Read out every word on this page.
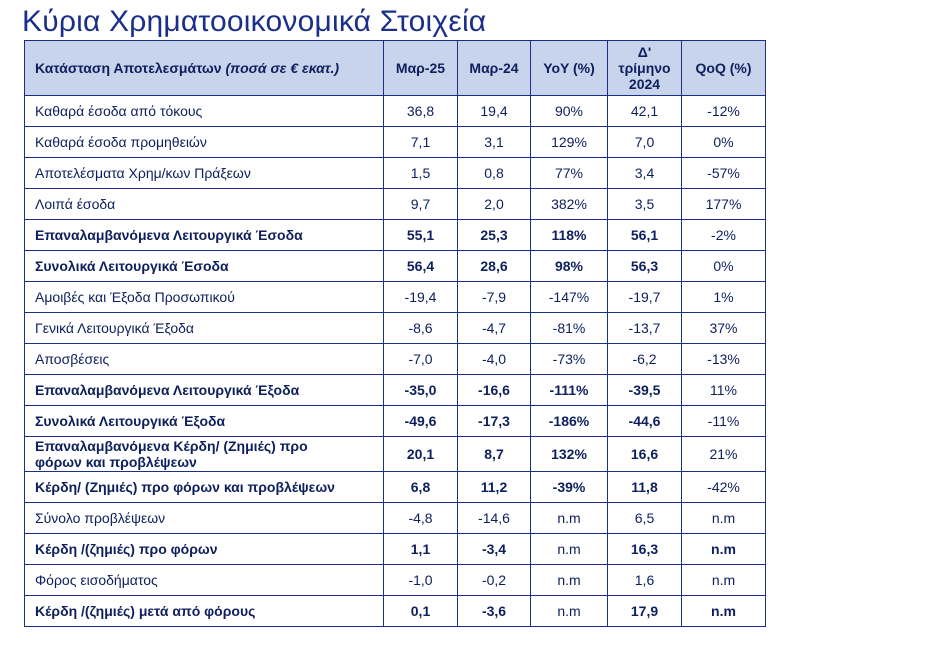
Κύρια Χρηματοοικονομικά Στοιχεία
Κατάσταση Αποτελεσμάτων (ποσά σε € εκατ.)	Μαρ-25	Μαρ-24	YoY (%)	Δ' τρίμηνο 2024	QoQ (%)
Καθαρά έσοδα από τόκους	36,8	19,4	90%	42,1	-12%
Καθαρά έσοδα προμηθειών	7,1	3,1	129%	7,0	0%
Αποτελέσματα Χρημ/κων Πράξεων	1,5	0,8	77%	3,4	-57%
Λοιπά έσοδα	9,7	2,0	382%	3,5	177%
Επαναλαμβανόμενα Λειτουργικά Έσοδα	55,1	25,3	118%	56,1	-2%
Συνολικά Λειτουργικά Έσοδα	56,4	28,6	98%	56,3	0%
Αμοιβές και Έξοδα Προσωπικού	-19,4	-7,9	-147%	-19,7	1%
Γενικά Λειτουργικά Έξοδα	-8,6	-4,7	-81%	-13,7	37%
Αποσβέσεις	-7,0	-4,0	-73%	-6,2	-13%
Επαναλαμβανόμενα Λειτουργικά Έξοδα	-35,0	-16,6	-111%	-39,5	11%
Συνολικά Λειτουργικά Έξοδα	-49,6	-17,3	-186%	-44,6	-11%
Επαναλαμβανόμενα Κέρδη/ (Ζημιές) προ φόρων και προβλέψεων	20,1	8,7	132%	16,6	21%
Κέρδη/ (Ζημιές) προ φόρων και προβλέψεων	6,8	11,2	-39%	11,8	-42%
Σύνολο προβλέψεων	-4,8	-14,6	n.m	6,5	n.m
Κέρδη /(ζημιές) προ φόρων	1,1	-3,4	n.m	16,3	n.m
Φόρος εισοδήματος	-1,0	-0,2	n.m	1,6	n.m
Κέρδη /(ζημιές) μετά από φόρους	0,1	-3,6	n.m	17,9	n.m
